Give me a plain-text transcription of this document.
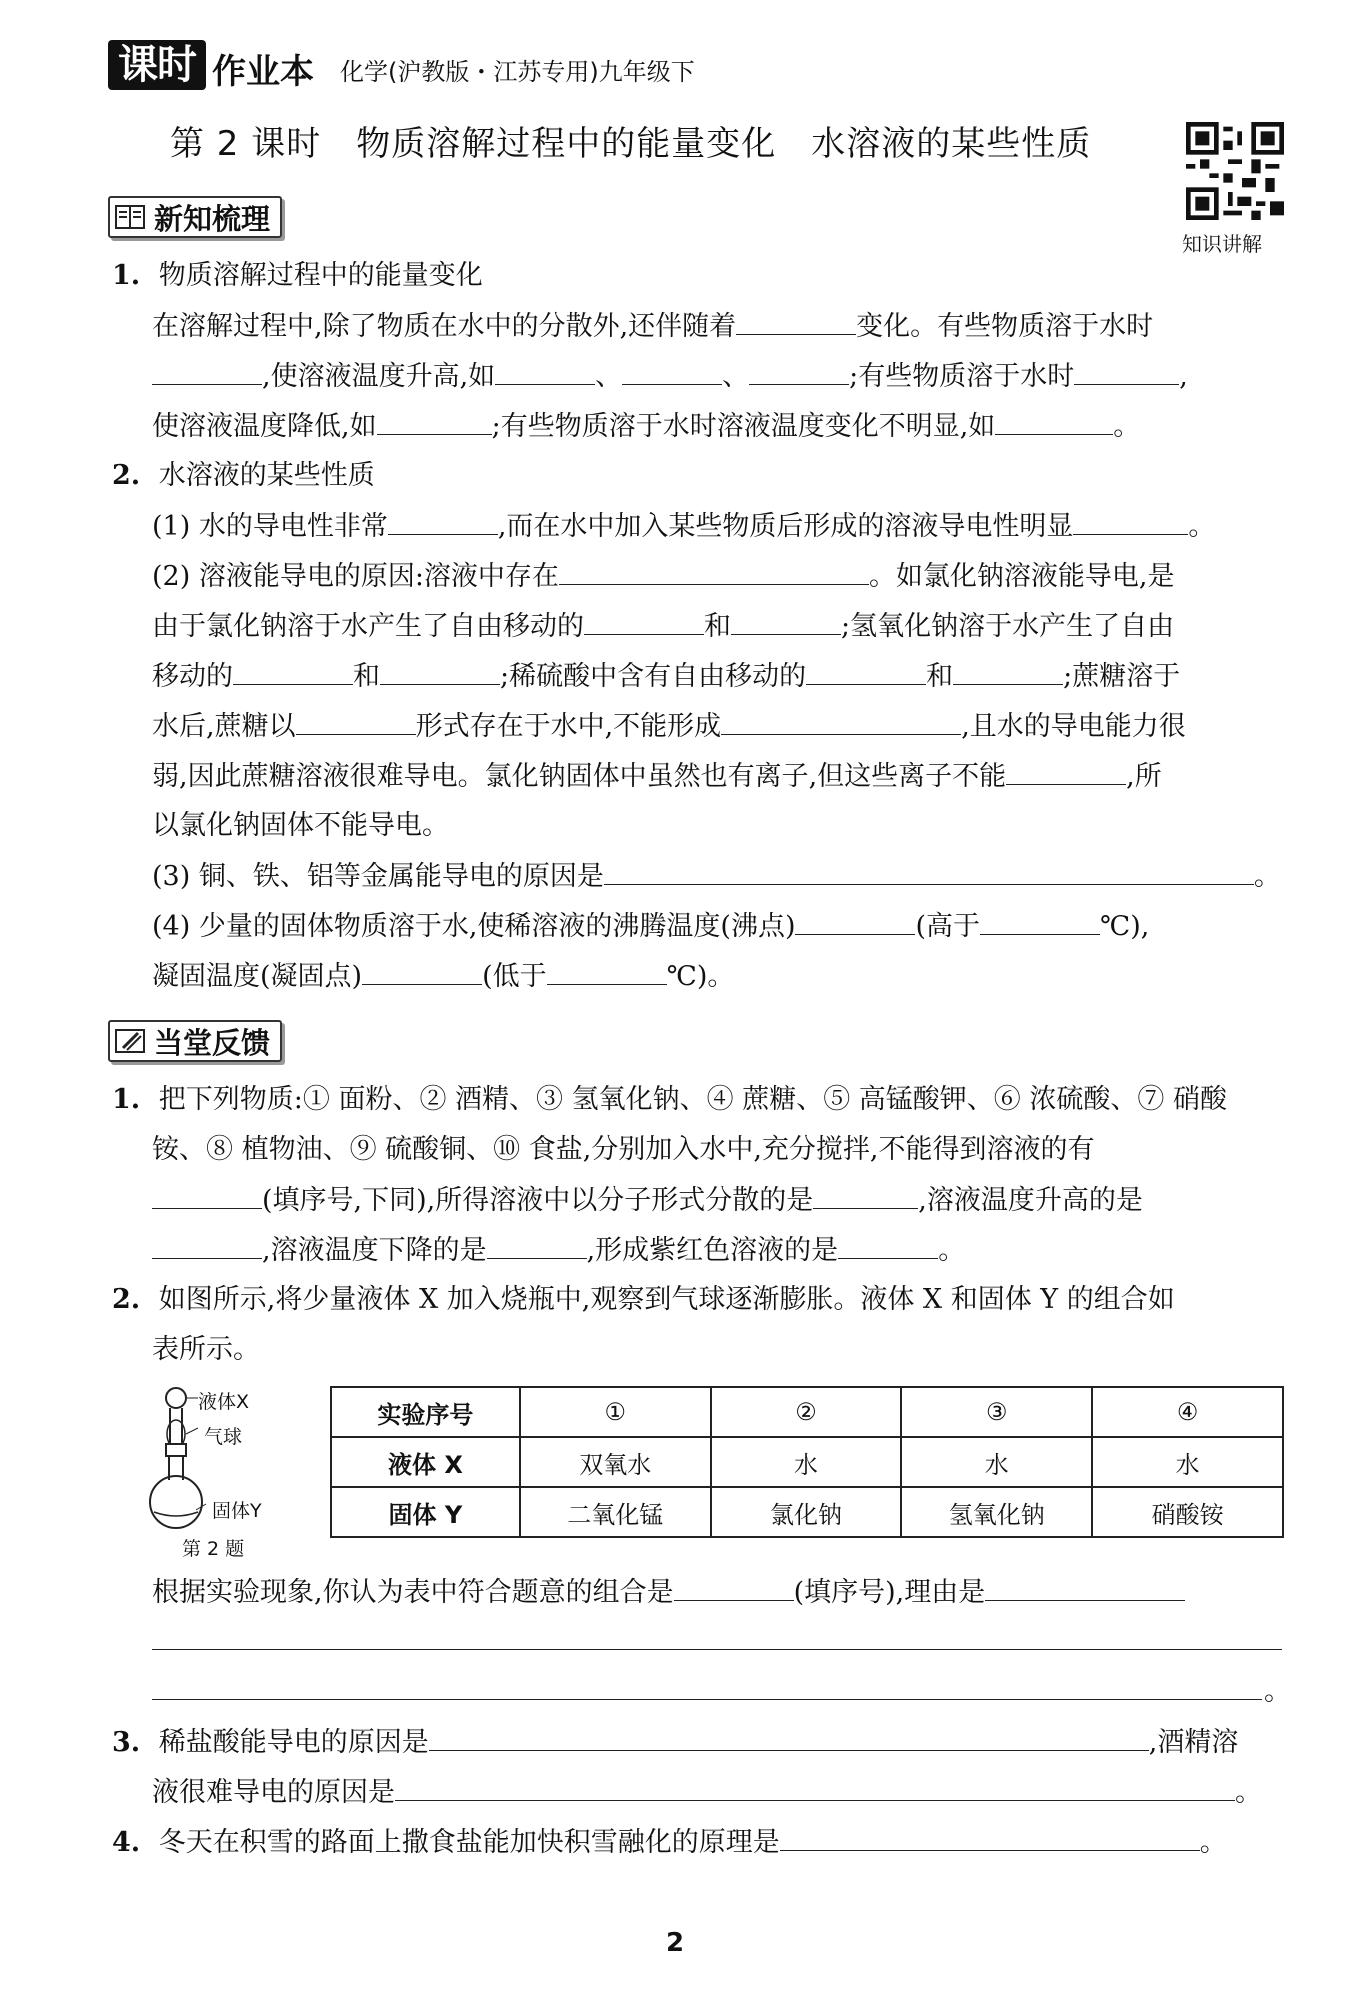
课时 作业本 化学(沪教版・江苏专用)九年级下
第 2 课时　物质溶解过程中的能量变化　水溶液的某些性质
知识讲解
新知梳理
1. 物质溶解过程中的能量变化
在溶解过程中,除了物质在水中的分散外,还伴随着	变化。有些物质溶于水时
,使溶液温度升高,如	、	、	;有些物质溶于水时	,
使溶液温度降低,如	;有些物质溶于水时溶液温度变化不明显,如	。
2. 水溶液的某些性质
(1) 水的导电性非常	,而在水中加入某些物质后形成的溶液导电性明显	。
(2) 溶液能导电的原因:溶液中存在	。如氯化钠溶液能导电,是
由于氯化钠溶于水产生了自由移动的	和	;氢氧化钠溶于水产生了自由
移动的	和	;稀硫酸中含有自由移动的	和	;蔗糖溶于
水后,蔗糖以	形式存在于水中,不能形成	,且水的导电能力很
弱,因此蔗糖溶液很难导电。氯化钠固体中虽然也有离子,但这些离子不能	,所
以氯化钠固体不能导电。
(3) 铜、铁、铝等金属能导电的原因是	。
(4) 少量的固体物质溶于水,使稀溶液的沸腾温度(沸点)	(高于	℃),
凝固温度(凝固点)	(低于	℃)。
当堂反馈
1. 把下列物质:① 面粉、② 酒精、③ 氢氧化钠、④ 蔗糖、⑤ 高锰酸钾、⑥ 浓硫酸、⑦ 硝酸
铵、⑧ 植物油、⑨ 硫酸铜、⑩ 食盐,分别加入水中,充分搅拌,不能得到溶液的有
(填序号,下同),所得溶液中以分子形式分散的是	,溶液温度升高的是
,溶液温度下降的是	,形成紫红色溶液的是	。
2. 如图所示,将少量液体 X 加入烧瓶中,观察到气球逐渐膨胀。液体 X 和固体 Y 的组合如
表所示。
液体X
气球
固体Y
第 2 题
实验序号	①	②	③	④
液体 X	双氧水	水	水	水
固体 Y	二氧化锰	氯化钠	氢氧化钠	硝酸铵
根据实验现象,你认为表中符合题意的组合是	(填序号),理由是
。
3. 稀盐酸能导电的原因是	,酒精溶
液很难导电的原因是	。
4. 冬天在积雪的路面上撒食盐能加快积雪融化的原理是	。
2
